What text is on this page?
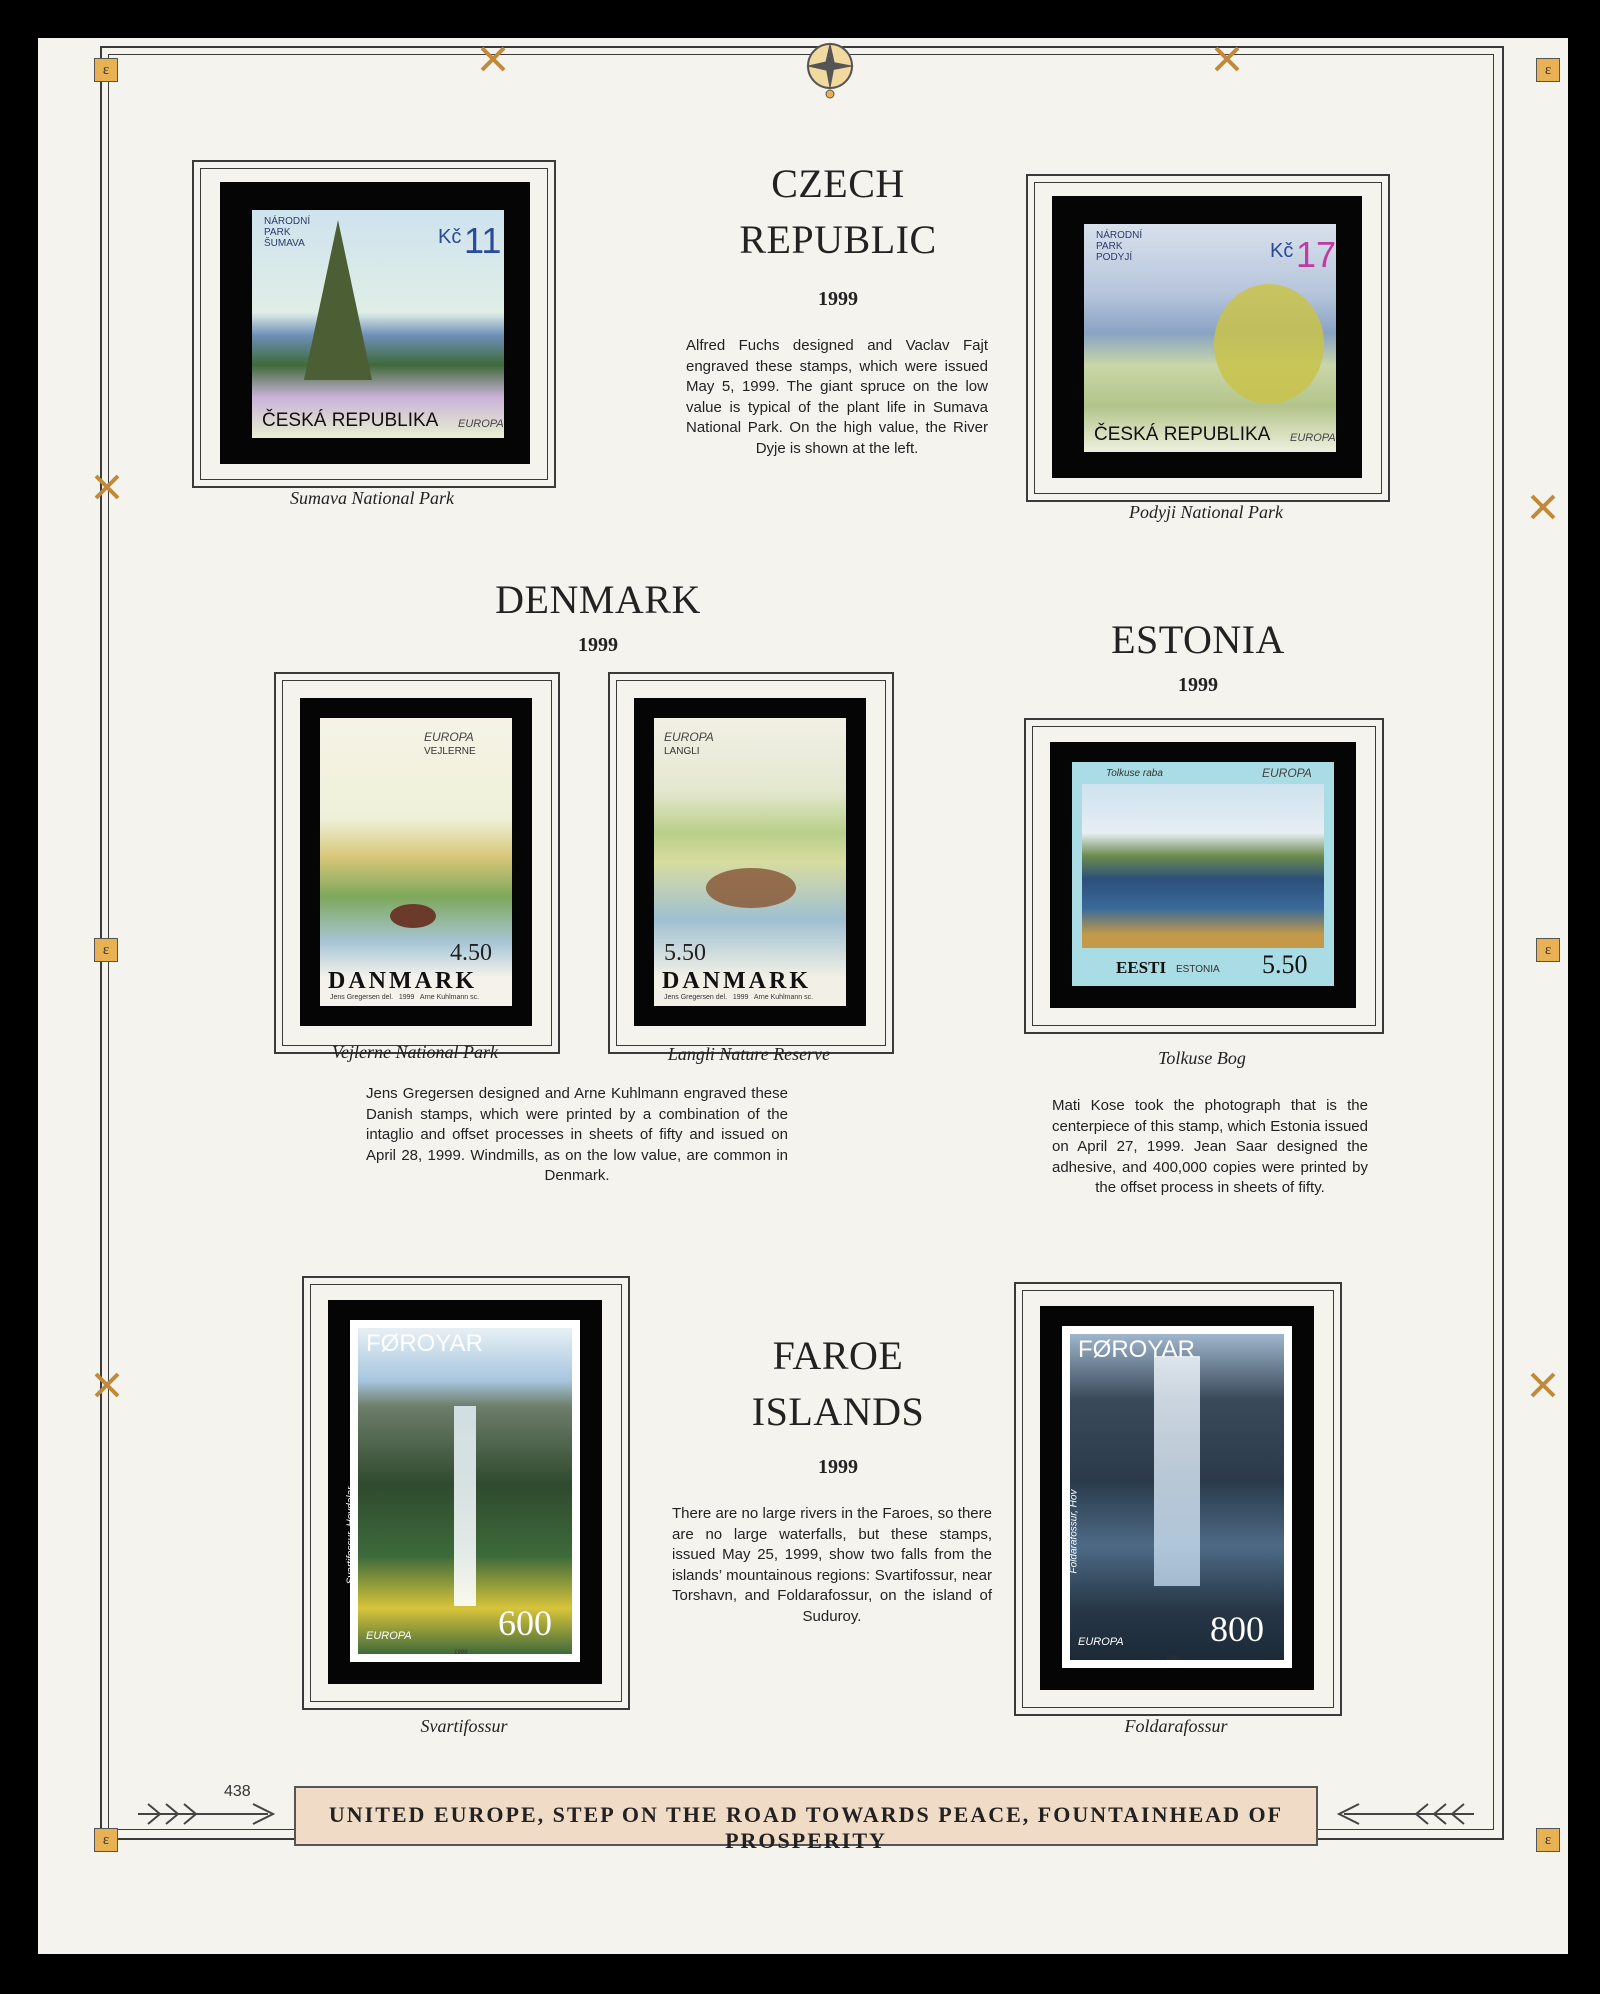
ε	ε
ε	ε
ε	ε
NÁRODNÍ
PARK
ŠUMAVA	Kč 11
ČESKÁ REPUBLIKA EUROPA
Sumava National Park
CZECH
REPUBLIC
1999
Alfred Fuchs designed and Vaclav Fajt engraved these stamps, which were issued May 5, 1999. The giant spruce on the low value is typical of the plant life in Sumava National Park. On the high value, the River Dyje is shown at the left.
NÁRODNÍ
PARK
PODYJÍ	Kč 17
ČESKÁ REPUBLIKA EUROPA
Podyji National Park
DENMARK
1999
EUROPA
VEJLERNE
4.50
DANMARK
Jens Gregersen del.   1999   Arne Kuhlmann sc.
Vejlerne National Park
EUROPA
LANGLI
5.50
DANMARK
Jens Gregersen del.   1999   Arne Kuhlmann sc.
Langli Nature Reserve
Jens Gregersen designed and Arne Kuhlmann engraved these Danish stamps, which were printed by a combination of the intaglio and offset processes in sheets of fifty and issued on April 28, 1999. Windmills, as on the low value, are common in Denmark.
ESTONIA
1999
Tolkuse raba	EUROPA
EESTI ESTONIA 5.50
Tolkuse Bog
Mati Kose took the photograph that is the centerpiece of this stamp, which Estonia issued on April 27, 1999. Jean Saar designed the adhesive, and 400,000 copies were printed by the offset process in sheets of fifty.
FØROYAR
600
EUROPA
Svartifossur, Hoydalar
1999
Svartifossur
FAROE
ISLANDS
1999
There are no large rivers in the Faroes, so there are no large waterfalls, but these stamps, issued May 25, 1999, show two falls from the islands’ mountainous regions: Svartifossur, near Torshavn, and Foldarafossur, on the island of Suduroy.
FØROYAR
800
EUROPA
Foldarafossur, Hov
1999
Foldarafossur
438
UNITED EUROPE, STEP ON THE ROAD TOWARDS PEACE, FOUNTAINHEAD OF PROSPERITY
